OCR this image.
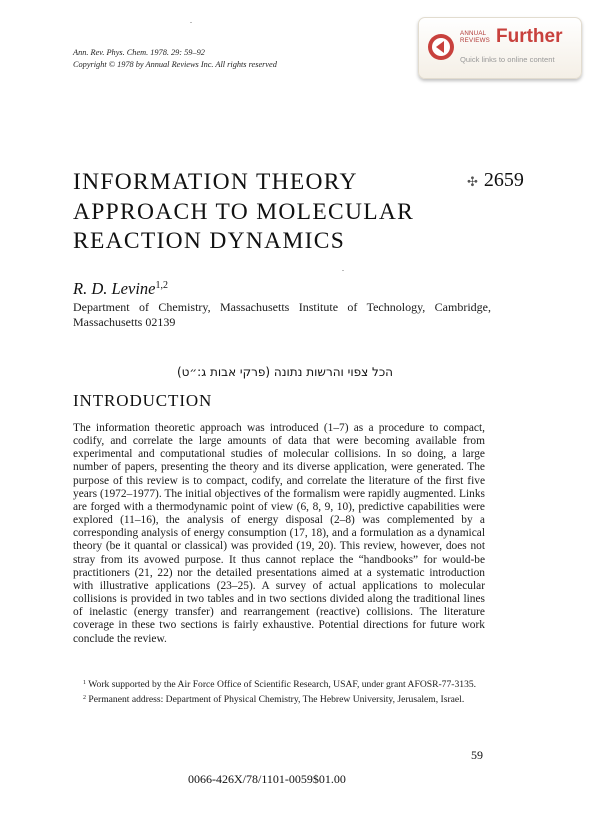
Ann. Rev. Phys. Chem. 1978. 29: 59–92
Copyright © 1978 by Annual Reviews Inc. All rights reserved
ANNUAL
REVIEWS Further
Quick links to online content
INFORMATION THEORY
APPROACH TO MOLECULAR
REACTION DYNAMICS
✣ 2659
R. D. Levine$^{1,2}$
Department of Chemistry, Massachusetts Institute of Technology, Cambridge, Massachusetts 02139
הכל צפוי והרשות נתונה (פרקי אבות ג:״ט)
INTRODUCTION

The information theoretic approach was introduced (1–7) as a procedure to compact, codify, and correlate the large amounts of data that were becoming available from experimental and computational studies of molecular collisions. In so doing, a large number of papers, presenting the theory and its diverse application, were generated. The purpose of this review is to compact, codify, and correlate the literature of the first five years (1972–1977). The initial objectives of the formalism were rapidly augmented. Links are forged with a thermodynamic point of view (6, 8, 9, 10), predictive capabilities were explored (11–16), the analysis of energy disposal (2–8) was complemented by a corresponding analysis of energy consumption (17, 18), and a formulation as a dynamical theory (be it quantal or classical) was provided (19, 20). This review, however, does not stray from its avowed purpose. It thus cannot replace the “handbooks” for would-be practitioners (21, 22) nor the detailed presentations aimed at a systematic introduction with illustrative applications (23–25). A survey of actual applications to molecular collisions is provided in two tables and in two sections divided along the traditional lines of inelastic (energy transfer) and rearrangement (reactive) collisions. The literature coverage in these two sections is fairly exhaustive. Potential directions for future work conclude the review.

$^1$ Work supported by the Air Force Office of Scientific Research, USAF, under grant AFOSR-77-3135.

$^2$ Permanent address: Department of Physical Chemistry, The Hebrew University, Jerusalem, Israel.

59
0066-426X/78/1101-0059$01.00
